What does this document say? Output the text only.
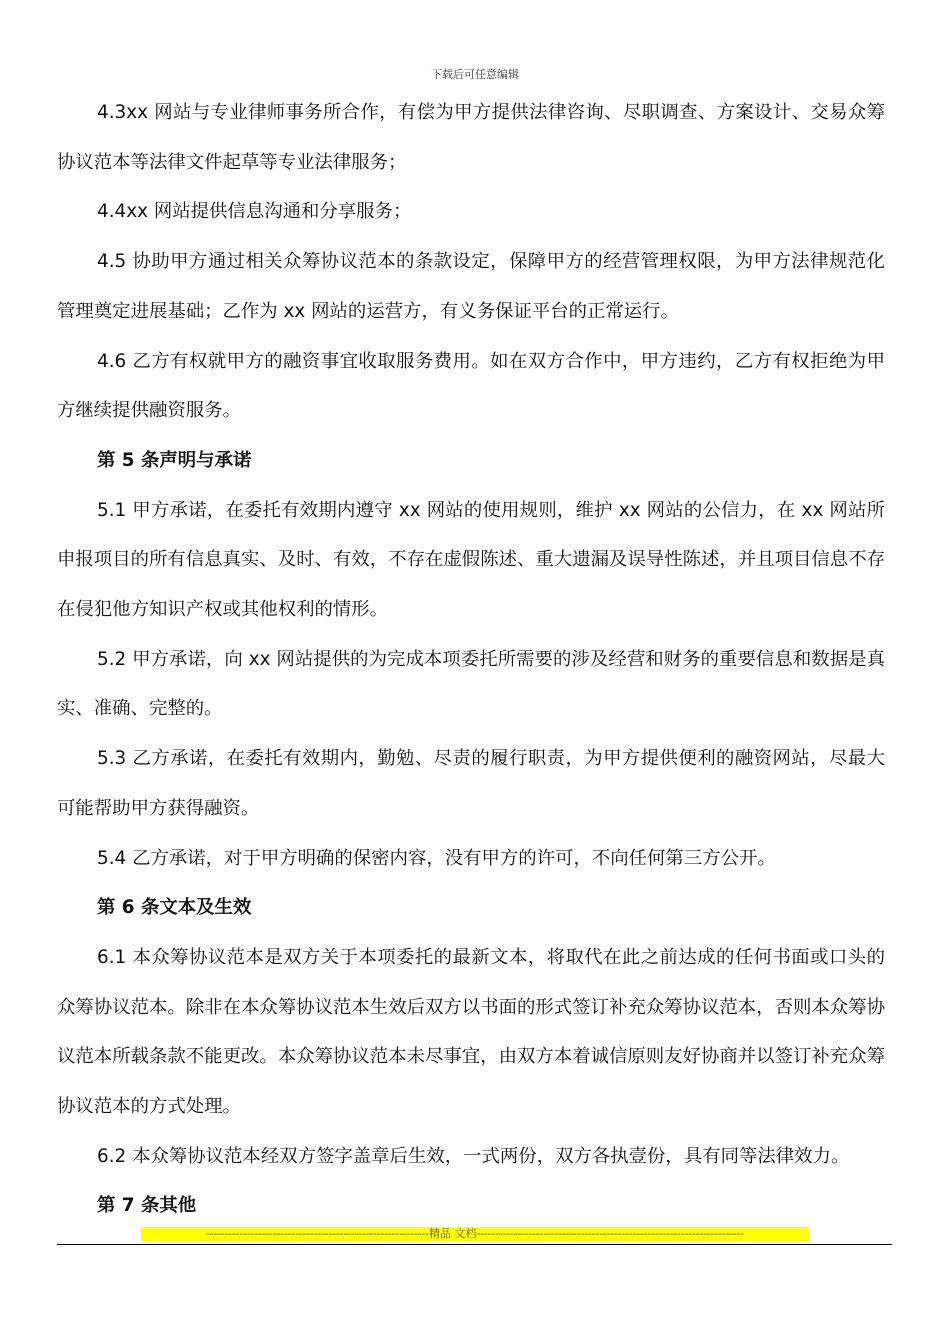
下载后可任意编辑

4.3xx 网站与专业律师事务所合作，有偿为甲方提供法律咨询、尽职调查、方案设计、交易众筹协议范本等法律文件起草等专业法律服务；

4.4xx 网站提供信息沟通和分享服务；

4.5 协助甲方通过相关众筹协议范本的条款设定，保障甲方的经营管理权限，为甲方法律规范化管理奠定进展基础；乙作为 xx 网站的运营方，有义务保证平台的正常运行。

4.6 乙方有权就甲方的融资事宜收取服务费用。如在双方合作中，甲方违约，乙方有权拒绝为甲方继续提供融资服务。

第 5 条声明与承诺

5.1 甲方承诺，在委托有效期内遵守 xx 网站的使用规则，维护 xx 网站的公信力，在 xx 网站所申报项目的所有信息真实、及时、有效，不存在虚假陈述、重大遗漏及误导性陈述，并且项目信息不存在侵犯他方知识产权或其他权利的情形。

5.2 甲方承诺，向 xx 网站提供的为完成本项委托所需要的涉及经营和财务的重要信息和数据是真实、准确、完整的。

5.3 乙方承诺，在委托有效期内，勤勉、尽责的履行职责，为甲方提供便利的融资网站，尽最大可能帮助甲方获得融资。

5.4 乙方承诺，对于甲方明确的保密内容，没有甲方的许可，不向任何第三方公开。

第 6 条文本及生效

6.1 本众筹协议范本是双方关于本项委托的最新文本，将取代在此之前达成的任何书面或口头的众筹协议范本。除非在本众筹协议范本生效后双方以书面的形式签订补充众筹协议范本，否则本众筹协议范本所载条款不能更改。本众筹协议范本未尽事宜，由双方本着诚信原则友好协商并以签订补充众筹协议范本的方式处理。

6.2 本众筹协议范本经双方签字盖章后生效，一式两份，双方各执壹份，具有同等法律效力。

第 7 条其他

------------------------------------------------------------精品 文档------------------------------------------------------------------------
